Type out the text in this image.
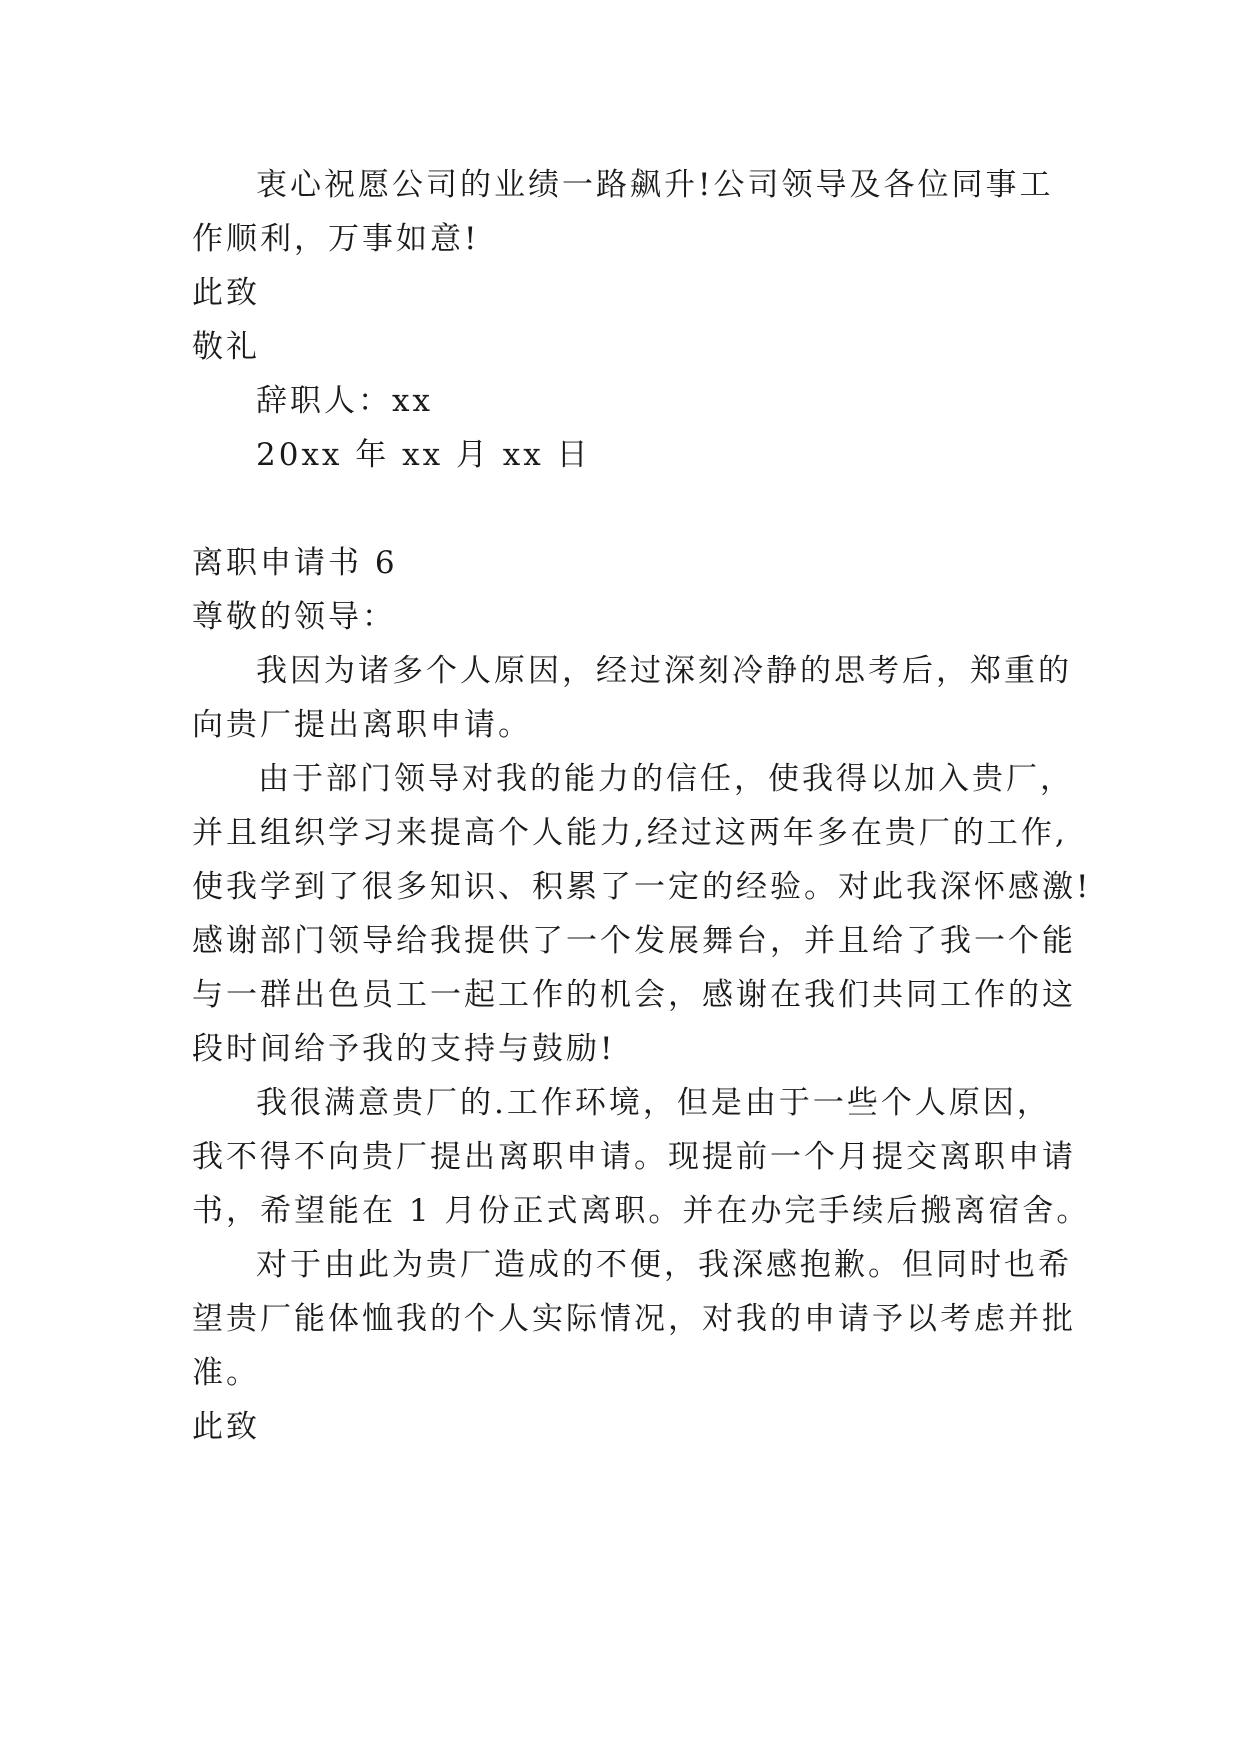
衷心祝愿公司的业绩一路飙升!公司领导及各位同事工
作顺利，万事如意!
此致
敬礼
辞职人：xx
20xx 年 xx 月 xx 日
离职申请书 6
尊敬的领导：
我因为诸多个人原因，经过深刻冷静的思考后，郑重的
向贵厂提出离职申请。
由于部门领导对我的能力的信任，使我得以加入贵厂，
并且组织学习来提高个人能力,经过这两年多在贵厂的工作,
使我学到了很多知识、积累了一定的经验。对此我深怀感激!
感谢部门领导给我提供了一个发展舞台，并且给了我一个能
与一群出色员工一起工作的机会，感谢在我们共同工作的这
段时间给予我的支持与鼓励!
我很满意贵厂的.工作环境，但是由于一些个人原因，
我不得不向贵厂提出离职申请。现提前一个月提交离职申请
书，希望能在 1 月份正式离职。并在办完手续后搬离宿舍。
对于由此为贵厂造成的不便，我深感抱歉。但同时也希
望贵厂能体恤我的个人实际情况，对我的申请予以考虑并批
准。
此致
